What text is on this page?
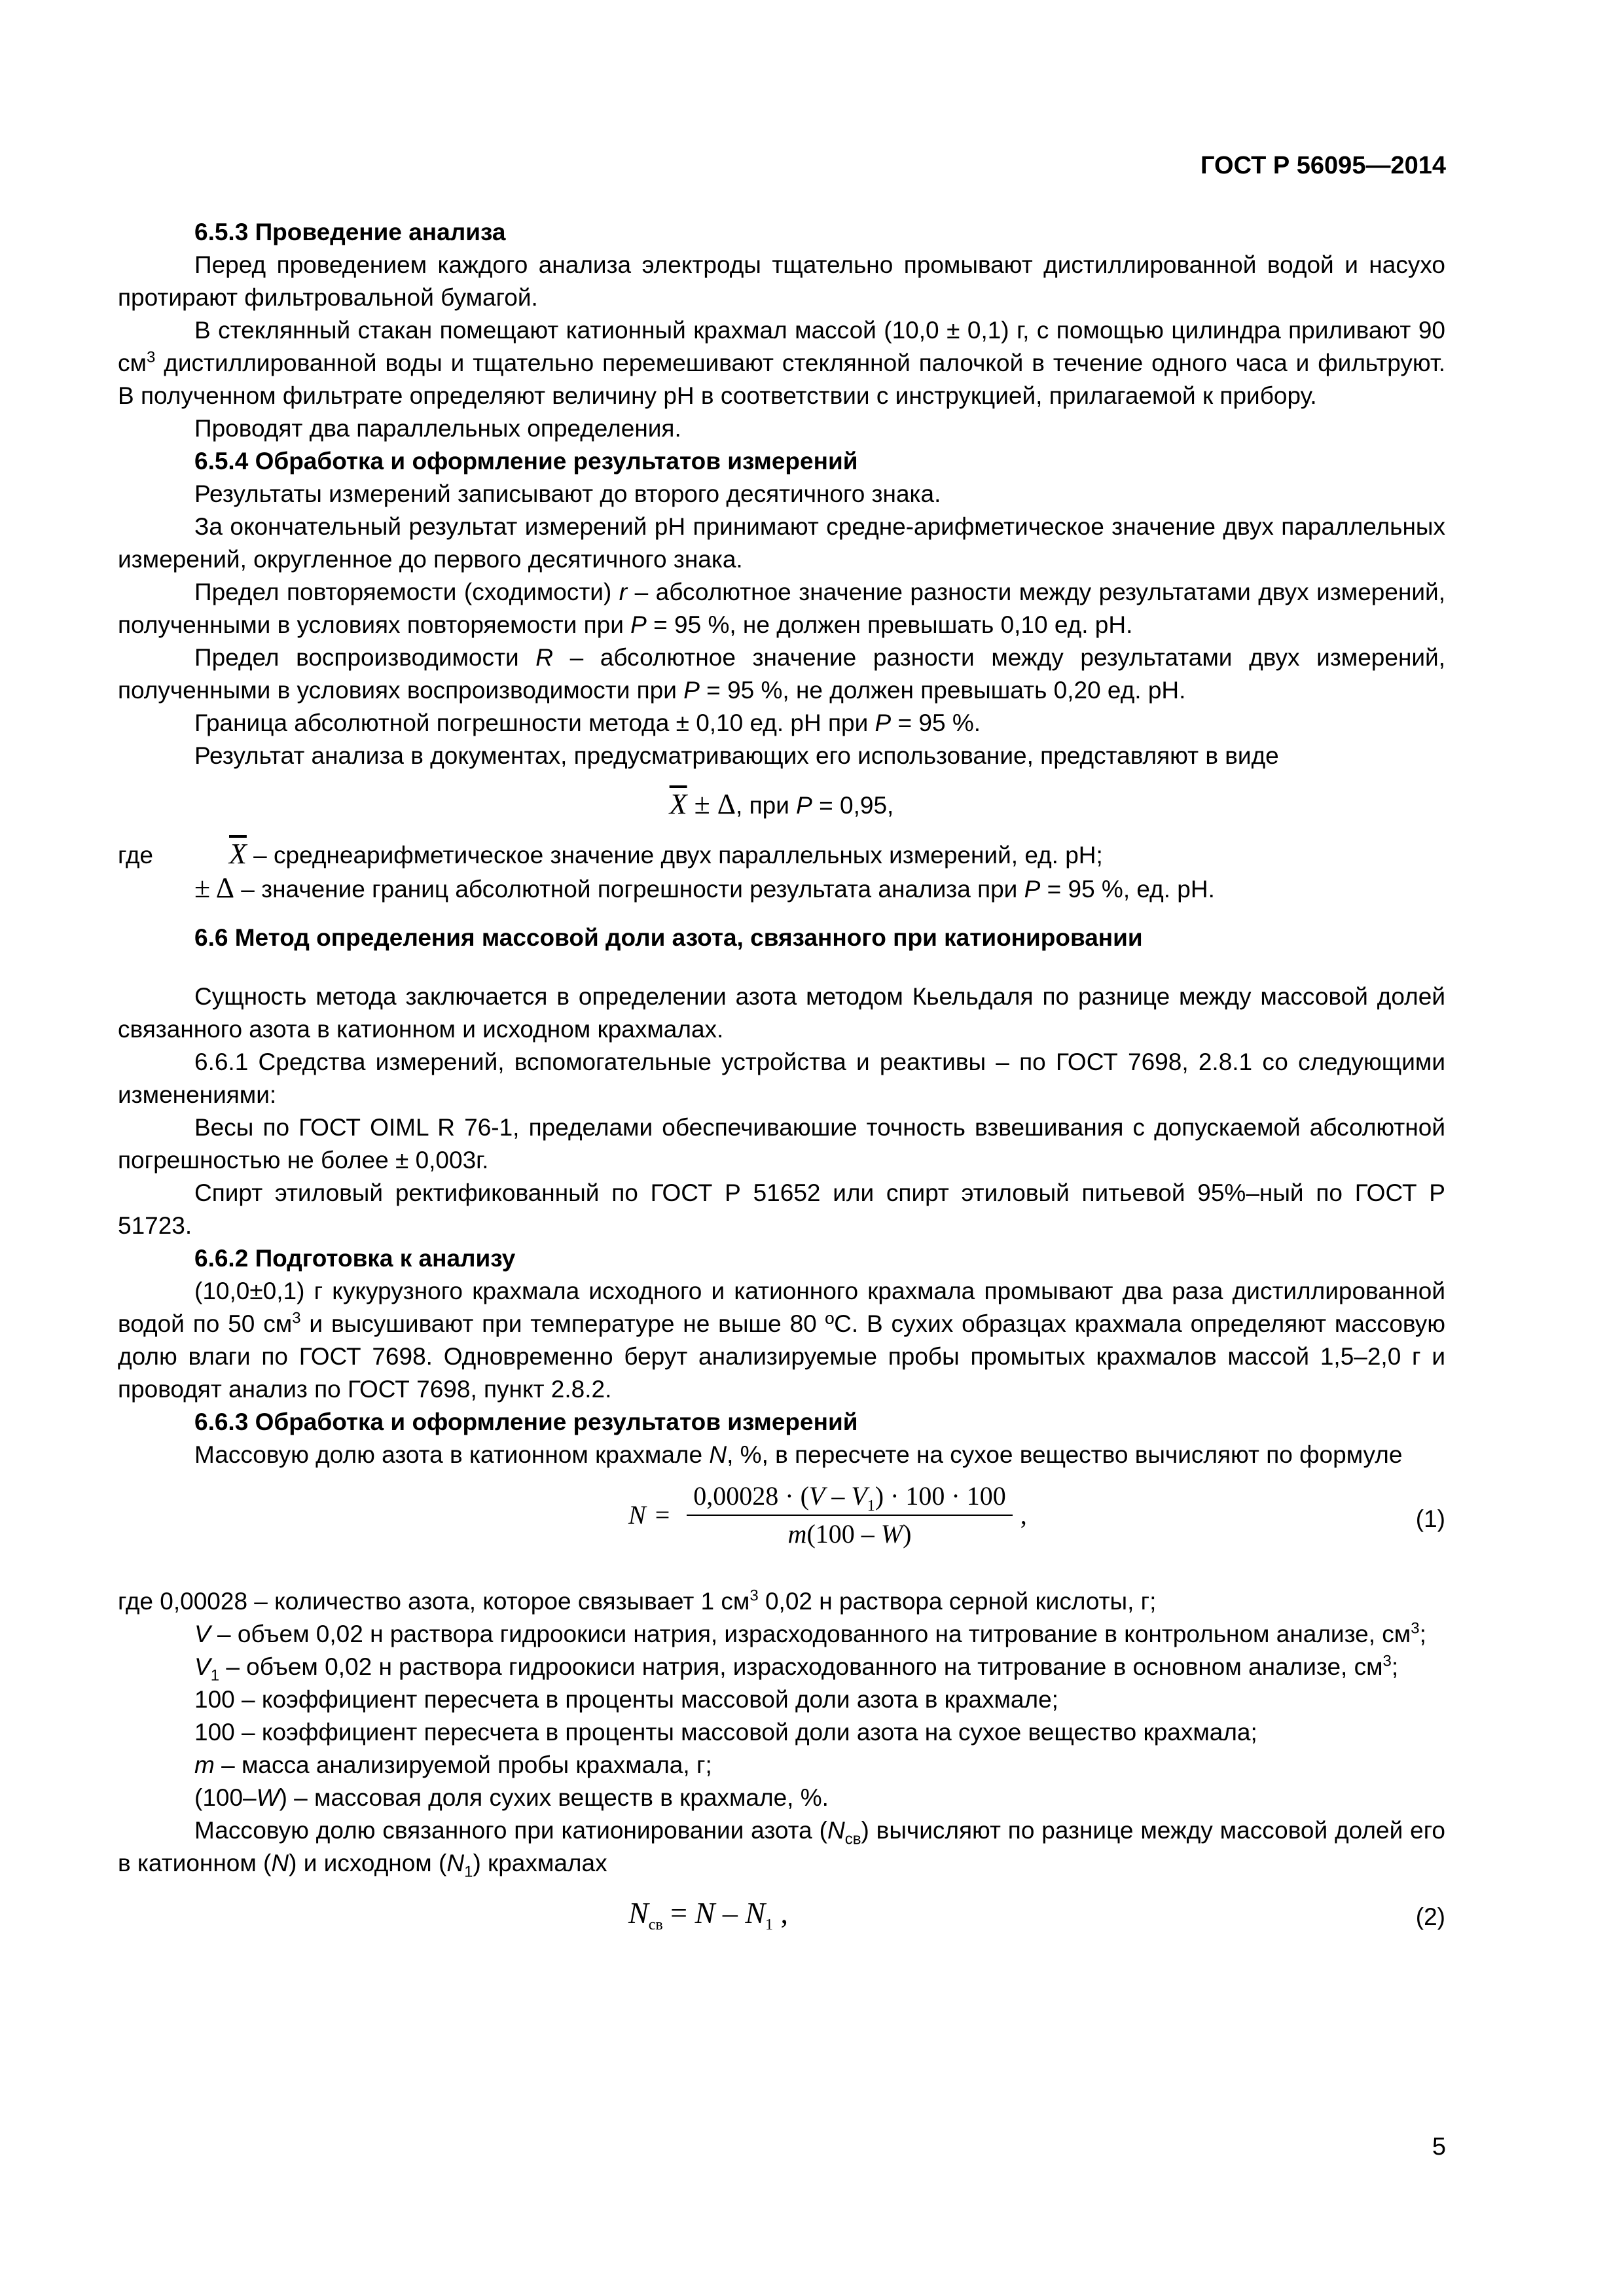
ГОСТ Р 56095—2014

6.5.3 Проведение анализа

Перед проведением каждого анализа электроды тщательно промывают дистиллированной водой и насухо протирают фильтровальной бумагой.

В стеклянный стакан помещают катионный крахмал массой (10,0 ± 0,1) г, с помощью цилиндра приливают 90 $см^3$ дистиллированной воды и тщательно перемешивают стеклянной палочкой в течение одного часа и фильтруют. В полученном фильтрате определяют величину pH в соответствии с инструкцией, прилагаемой к прибору.

Проводят два параллельных определения.

6.5.4 Обработка и оформление результатов измерений

Результаты измерений записывают до второго десятичного знака.

За окончательный результат измерений pH принимают средне-арифметическое значение двух параллельных измерений, округленное до первого десятичного знака.

Предел повторяемости (сходимости) r – абсолютное значение разности между результатами двух измерений, полученными в условиях повторяемости при P = 95 %, не должен превышать 0,10 ед. pH.

Предел воспроизводимости R – абсолютное значение разности между результатами двух измерений, полученными в условиях воспроизводимости при P = 95 %, не должен превышать 0,20 ед. pH.

Граница абсолютной погрешности метода ± 0,10 ед. pH при P = 95 %.

Результат анализа в документах, предусматривающих его использование, представляют в виде

$\overline{X} \pm \Delta$, при P = 0,95,

где	$\overline{X}$ – среднеарифметическое значение двух параллельных измерений, ед. pH;
± Δ – значение границ абсолютной погрешности результата анализа при P = 95 %, ед. pH.

6.6 Метод определения массовой доли азота, связанного при катионировании

Сущность метода заключается в определении азота методом Кьельдаля по разнице между массовой долей связанного азота в катионном и исходном крахмалах.

6.6.1 Средства измерений, вспомогательные устройства и реактивы – по ГОСТ 7698, 2.8.1 со следующими изменениями:

Весы по ГОСТ OIML R 76-1, пределами обеспечиваюшие точность взвешивания с допускаемой абсолютной погрешностью не более ± 0,003г.

Спирт этиловый ректификованный по ГОСТ Р 51652 или спирт этиловый питьевой 95%–ный по ГОСТ Р 51723.

6.6.2 Подготовка к анализу

(10,0±0,1) г кукурузного крахмала исходного и катионного крахмала промывают два раза дистиллированной водой по 50 $см^3$ и высушивают при температуре не выше 80 ºС. В сухих образцах крахмала определяют массовую долю влаги по ГОСТ 7698. Одновременно берут анализируемые пробы промытых крахмалов массой 1,5–2,0 г и проводят анализ по ГОСТ 7698, пункт 2.8.2.

6.6.3 Обработка и оформление результатов измерений

Массовую долю азота в катионном крахмале N, %, в пересчете на сухое вещество вычисляют по формуле

$N = \frac{0,00028 \cdot (V - V_1) \cdot 100 \cdot 100}{m(100 - W)}$ ,	(1)

где 0,00028 – количество азота, которое связывает 1 $см^3$ 0,02 н раствора серной кислоты, г;

V – объем 0,02 н раствора гидроокиси натрия, израсходованного на титрование в контрольном анализе, $см^3$;

$V_1$ – объем 0,02 н раствора гидроокиси натрия, израсходованного на титрование в основном анализе, $см^3$;

100 – коэффициент пересчета в проценты массовой доли азота в крахмале;

100 – коэффициент пересчета в проценты массовой доли азота на сухое вещество крахмала;

m – масса анализируемой пробы крахмала, г;

(100–W) – массовая доля сухих веществ в крахмале, %.

Массовую долю связанного при катионировании азота $(N_{св})$ вычисляют по разнице между массовой долей его в катионном (N) и исходном $(N_1)$ крахмалах

$N_{св} = N - N_1$ ,	(2)
5
